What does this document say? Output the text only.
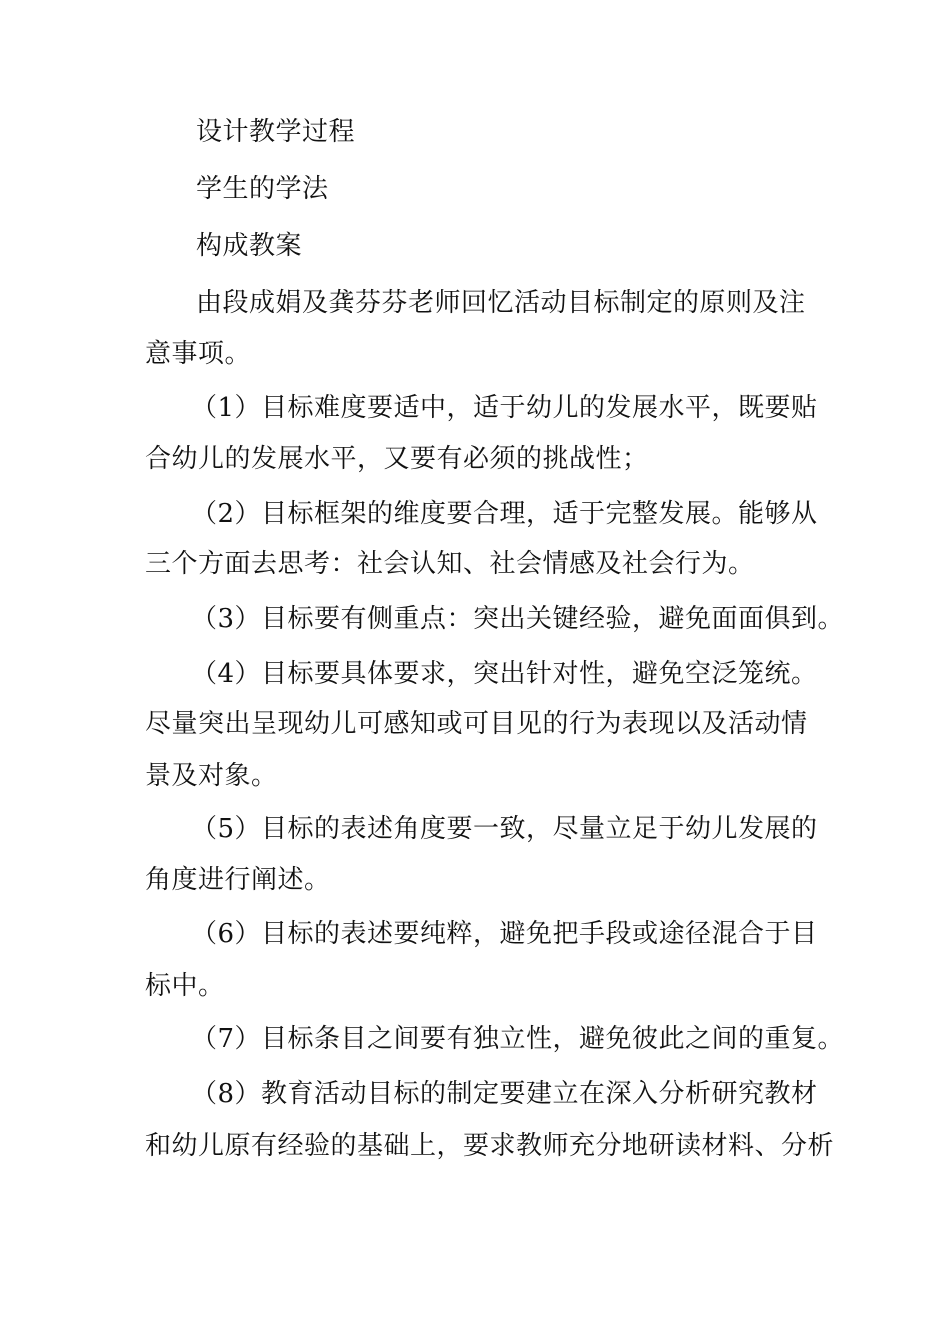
设计教学过程
学生的学法
构成教案
由段成娟及龚芬芬老师回忆活动目标制定的原则及注
意事项。
（1）目标难度要适中，适于幼儿的发展水平，既要贴
合幼儿的发展水平，又要有必须的挑战性；
（2）目标框架的维度要合理，适于完整发展。能够从
三个方面去思考：社会认知、社会情感及社会行为。
（3）目标要有侧重点：突出关键经验，避免面面俱到。
（4）目标要具体要求，突出针对性，避免空泛笼统。
尽量突出呈现幼儿可感知或可目见的行为表现以及活动情
景及对象。
（5）目标的表述角度要一致，尽量立足于幼儿发展的
角度进行阐述。
（6）目标的表述要纯粹，避免把手段或途径混合于目
标中。
（7）目标条目之间要有独立性，避免彼此之间的重复。
（8）教育活动目标的制定要建立在深入分析研究教材
和幼儿原有经验的基础上，要求教师充分地研读材料、分析
